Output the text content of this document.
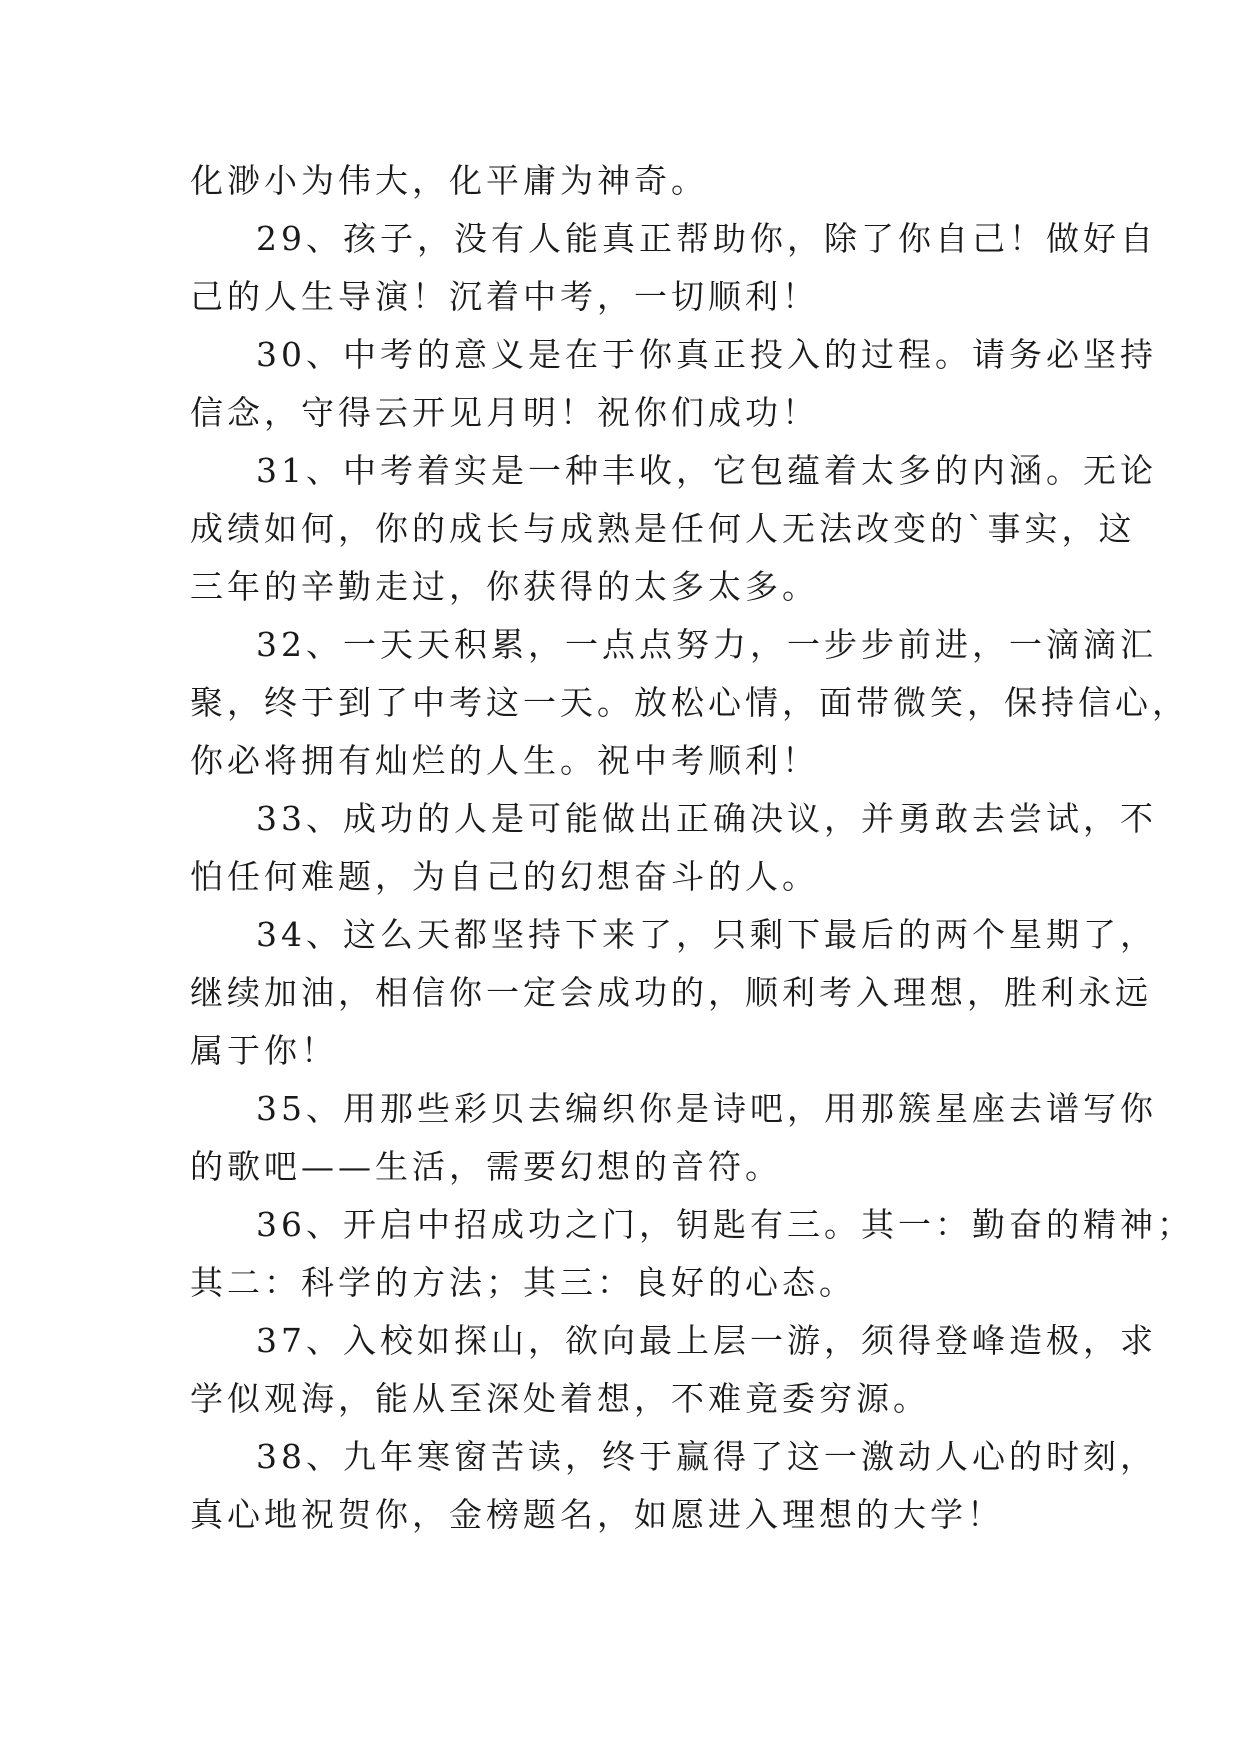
化渺小为伟大，化平庸为神奇。
29、孩子，没有人能真正帮助你，除了你自己！做好自
己的人生导演！沉着中考，一切顺利！
30、中考的意义是在于你真正投入的过程。请务必坚持
信念，守得云开见月明！祝你们成功！
31、中考着实是一种丰收，它包蕴着太多的内涵。无论
成绩如何，你的成长与成熟是任何人无法改变的`事实，这
三年的辛勤走过，你获得的太多太多。
32、一天天积累，一点点努力，一步步前进，一滴滴汇
聚，终于到了中考这一天。放松心情，面带微笑，保持信心，
你必将拥有灿烂的人生。祝中考顺利！
33、成功的人是可能做出正确决议，并勇敢去尝试，不
怕任何难题，为自己的幻想奋斗的人。
34、这么天都坚持下来了，只剩下最后的两个星期了，
继续加油，相信你一定会成功的，顺利考入理想，胜利永远
属于你！
35、用那些彩贝去编织你是诗吧，用那簇星座去谱写你
的歌吧——生活，需要幻想的音符。
36、开启中招成功之门，钥匙有三。其一：勤奋的精神；
其二：科学的方法；其三：良好的心态。
37、入校如探山，欲向最上层一游，须得登峰造极，求
学似观海，能从至深处着想，不难竟委穷源。
38、九年寒窗苦读，终于赢得了这一激动人心的时刻，
真心地祝贺你，金榜题名，如愿进入理想的大学！
